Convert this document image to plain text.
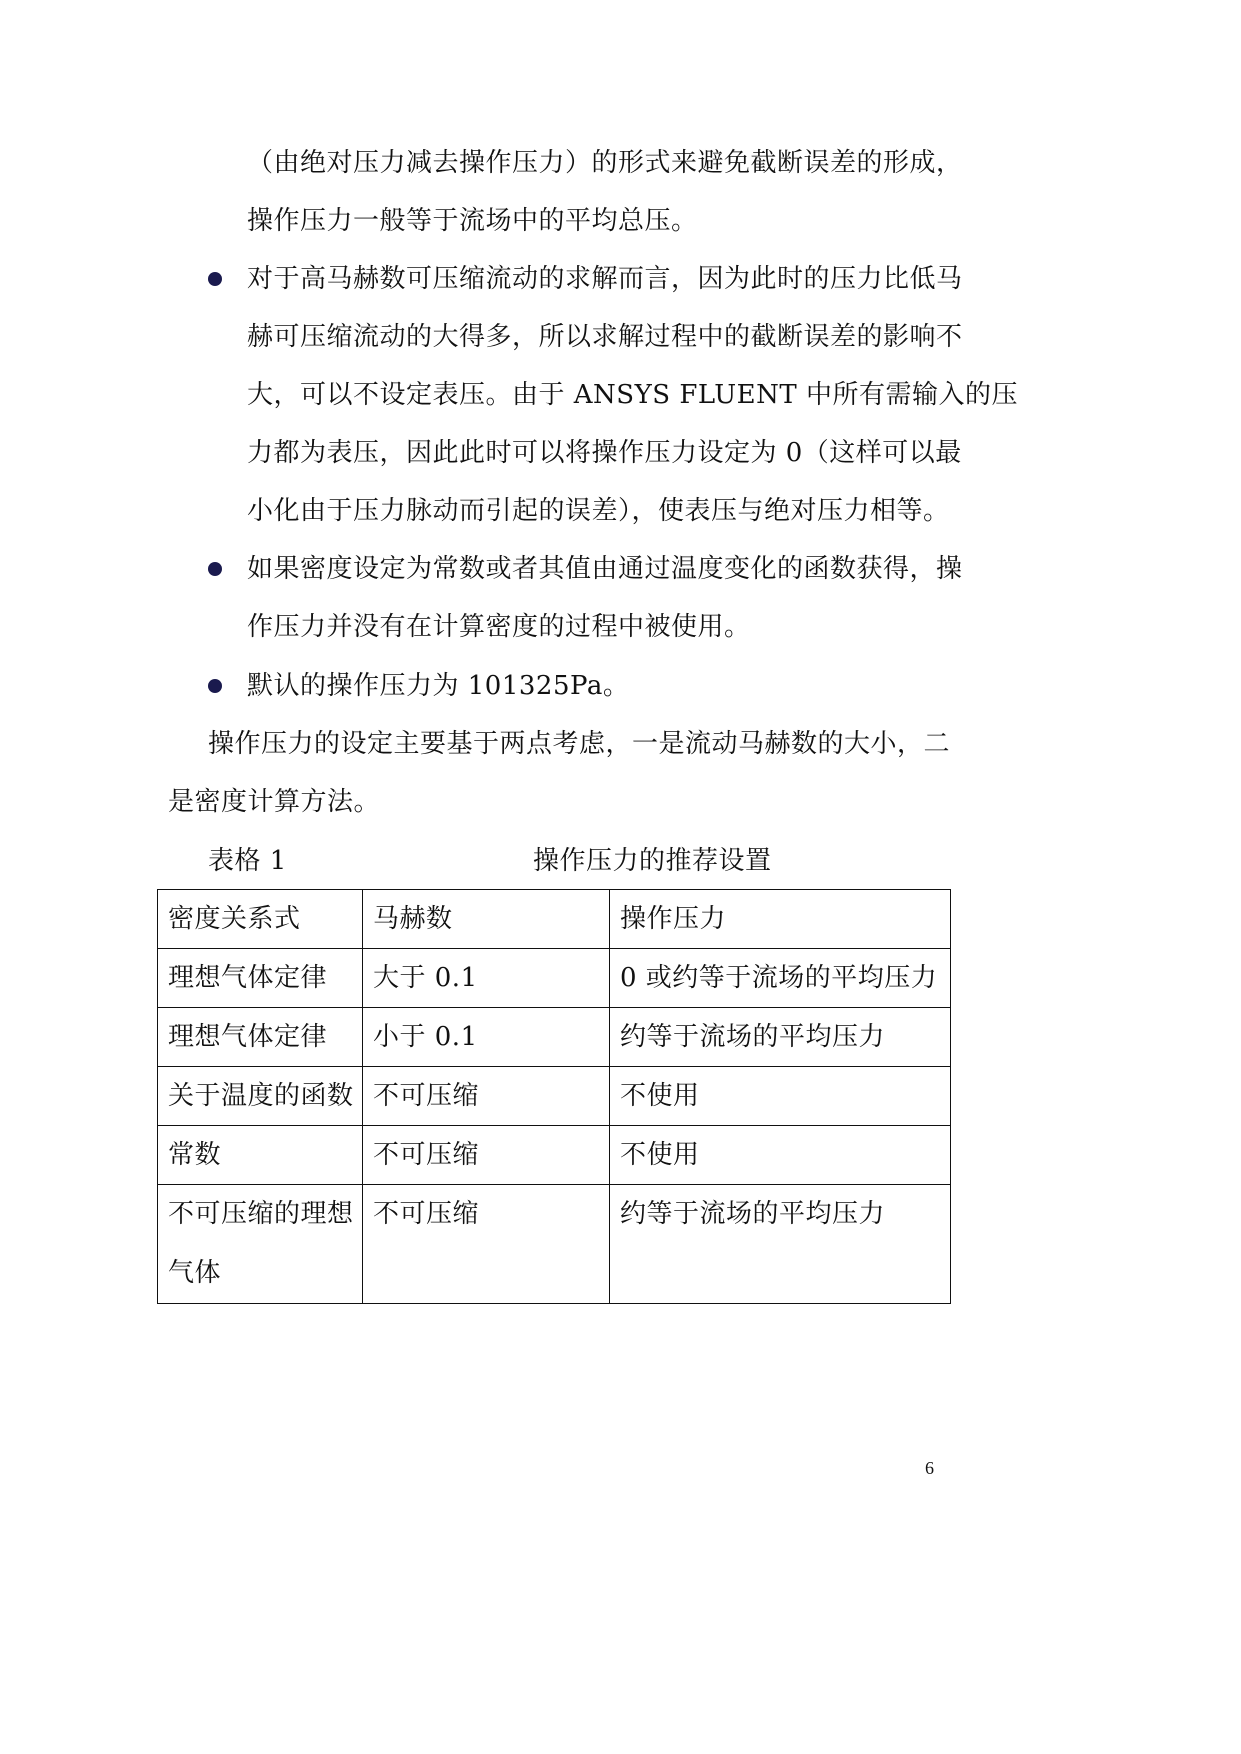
（由绝对压力减去操作压力）的形式来避免截断误差的形成，
操作压力一般等于流场中的平均总压。
对于高马赫数可压缩流动的求解而言，因为此时的压力比低马
赫可压缩流动的大得多，所以求解过程中的截断误差的影响不
大，可以不设定表压。由于 ANSYS FLUENT 中所有需输入的压
力都为表压，因此此时可以将操作压力设定为 0（这样可以最
小化由于压力脉动而引起的误差），使表压与绝对压力相等。
如果密度设定为常数或者其值由通过温度变化的函数获得，操
作压力并没有在计算密度的过程中被使用。
默认的操作压力为 101325Pa。
操作压力的设定主要基于两点考虑，一是流动马赫数的大小，二
是密度计算方法。
表格 1	操作压力的推荐设置
密度关系式	马赫数	操作压力
理想气体定律	大于 0.1	0 或约等于流场的平均压力
理想气体定律	小于 0.1	约等于流场的平均压力
关于温度的函数	不可压缩	不使用
常数	不可压缩	不使用

不可压缩的理想气体	不可压缩	约等于流场的平均压力
6
